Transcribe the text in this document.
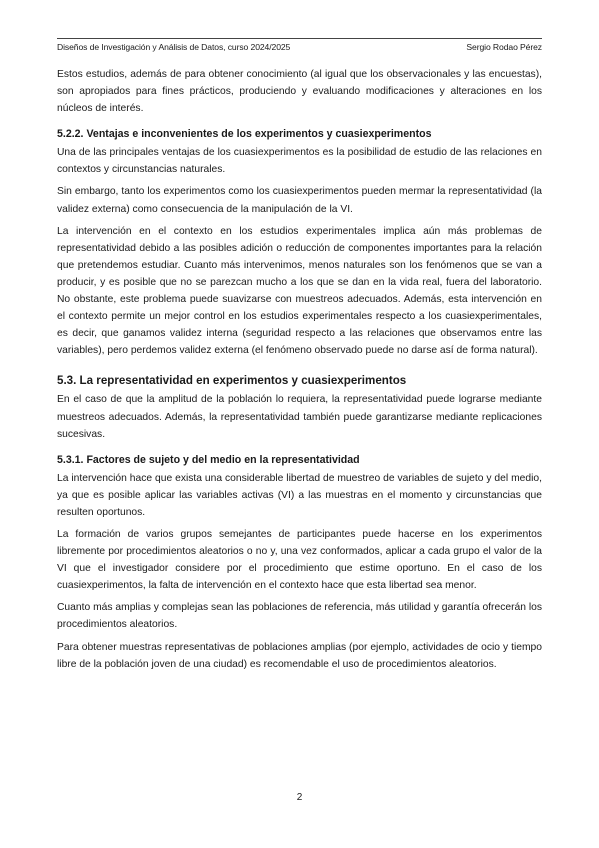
Diseños de Investigación y Análisis de Datos, curso 2024/2025	Sergio Rodao Pérez

Estos estudios, además de para obtener conocimiento (al igual que los observacionales y las encuestas), son apropiados para fines prácticos, produciendo y evaluando modificaciones y alteraciones en los núcleos de interés.

5.2.2. Ventajas e inconvenientes de los experimentos y cuasiexperimentos

Una de las principales ventajas de los cuasiexperimentos es la posibilidad de estudio de las relaciones en contextos y circunstancias naturales.

Sin embargo, tanto los experimentos como los cuasiexperimentos pueden mermar la representatividad (la validez externa) como consecuencia de la manipulación de la VI.

La intervención en el contexto en los estudios experimentales implica aún más problemas de representatividad debido a las posibles adición o reducción de componentes importantes para la relación que pretendemos estudiar. Cuanto más intervenimos, menos naturales son los fenómenos que se van a producir, y es posible que no se parezcan mucho a los que se dan en la vida real, fuera del laboratorio. No obstante, este problema puede suavizarse con muestreos adecuados. Además, esta intervención en el contexto permite un mejor control en los estudios experimentales respecto a los cuasiexperimentales, es decir, que ganamos validez interna (seguridad respecto a las relaciones que observamos entre las variables), pero perdemos validez externa (el fenómeno observado puede no darse así de forma natural).

5.3. La representatividad en experimentos y cuasiexperimentos

En el caso de que la amplitud de la población lo requiera, la representatividad puede lograrse mediante muestreos adecuados. Además, la representatividad también puede garantizarse mediante replicaciones sucesivas.

5.3.1. Factores de sujeto y del medio en la representatividad

La intervención hace que exista una considerable libertad de muestreo de variables de sujeto y del medio, ya que es posible aplicar las variables activas (VI) a las muestras en el momento y circunstancias que resulten oportunos.

La formación de varios grupos semejantes de participantes puede hacerse en los experimentos libremente por procedimientos aleatorios o no y, una vez conformados, aplicar a cada grupo el valor de la VI que el investigador considere por el procedimiento que estime oportuno. En el caso de los cuasiexperimentos, la falta de intervención en el contexto hace que esta libertad sea menor.

Cuanto más amplias y complejas sean las poblaciones de referencia, más utilidad y garantía ofrecerán los procedimientos aleatorios.

Para obtener muestras representativas de poblaciones amplias (por ejemplo, actividades de ocio y tiempo libre de la población joven de una ciudad) es recomendable el uso de procedimientos aleatorios.

2
